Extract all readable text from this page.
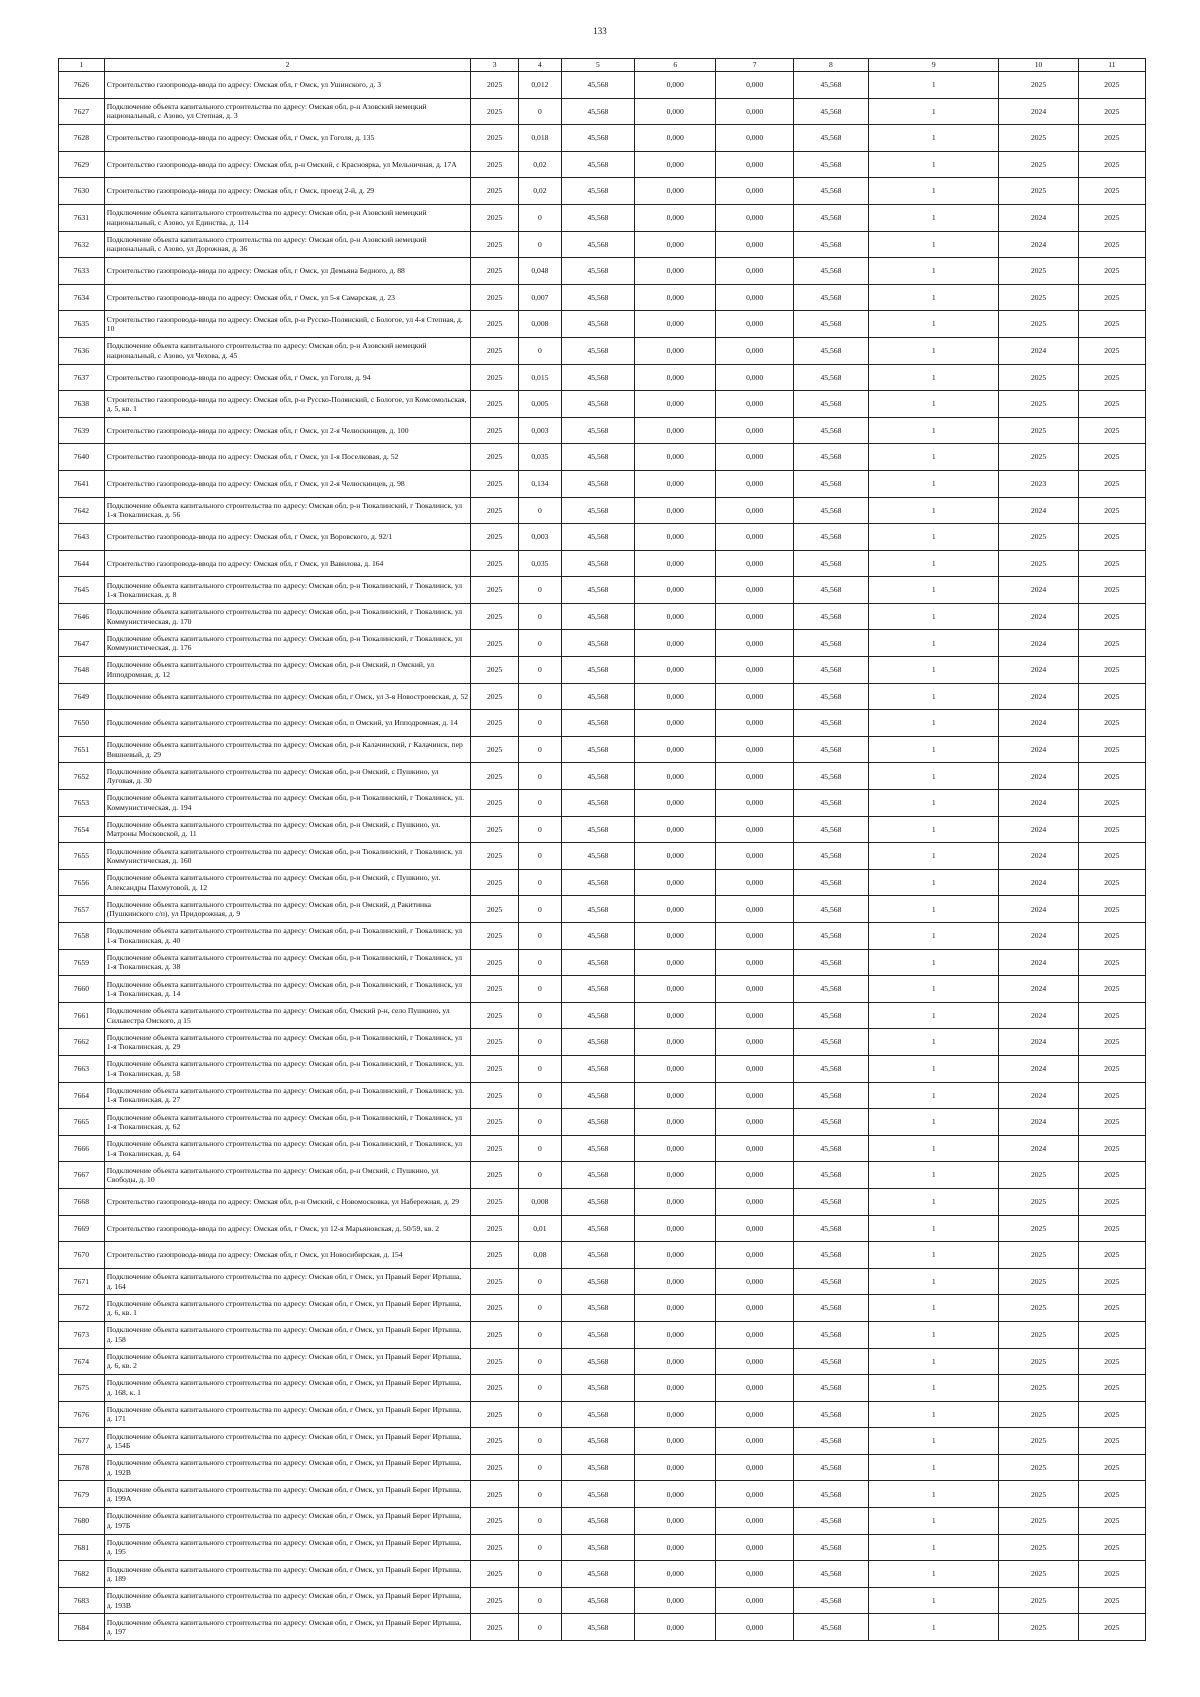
133
1	2	3	4	5	6	7	8	9	10	11
7626	Строительство газопровода-ввода по адресу: Омская обл, г Омск, ул Ушинского, д. 3	2025	0,012	45,568	0,000	0,000	45,568	1	2025	2025
7627	Подключение объекта капитального строительства по адресу: Омская обл, р-н Азовский немецкий национальный, с Азово, ул Степная, д. 3	2025	0	45,568	0,000	0,000	45,568	1	2024	2025
7628	Строительство газопровода-ввода по адресу: Омская обл, г Омск, ул Гоголя, д. 135	2025	0,018	45,568	0,000	0,000	45,568	1	2025	2025
7629	Строительство газопровода-ввода по адресу: Омская обл, р-н Омский, с Красноярка, ул Мельничная, д. 17А	2025	0,02	45,568	0,000	0,000	45,568	1	2025	2025
7630	Строительство газопровода-ввода по адресу: Омская обл, г Омск, проезд 2-й, д. 29	2025	0,02	45,568	0,000	0,000	45,568	1	2025	2025
7631	Подключение объекта капитального строительства по адресу: Омская обл, р-н Азовский немецкий национальный, с Азово, ул Единства, д. 114	2025	0	45,568	0,000	0,000	45,568	1	2024	2025
7632	Подключение объекта капитального строительства по адресу: Омская обл, р-н Азовский немецкий национальный, с Азово, ул Дорожная, д. 36	2025	0	45,568	0,000	0,000	45,568	1	2024	2025
7633	Строительство газопровода-ввода по адресу: Омская обл, г Омск, ул Демьяна Бедного, д. 88	2025	0,048	45,568	0,000	0,000	45,568	1	2025	2025
7634	Строительство газопровода-ввода по адресу: Омская обл, г Омск, ул 5-я Самарская, д. 23	2025	0,007	45,568	0,000	0,000	45,568	1	2025	2025
7635	Строительство газопровода-ввода по адресу: Омская обл, р-н Русско-Полянский, с Бологое, ул 4-я Степная, д. 10	2025	0,008	45,568	0,000	0,000	45,568	1	2025	2025
7636	Подключение объекта капитального строительства по адресу: Омская обл, р-н Азовский немецкий национальный, с Азово, ул Чехова, д. 45	2025	0	45,568	0,000	0,000	45,568	1	2024	2025
7637	Строительство газопровода-ввода по адресу: Омская обл, г Омск, ул Гоголя, д. 94	2025	0,015	45,568	0,000	0,000	45,568	1	2025	2025
7638	Строительство газопровода-ввода по адресу: Омская обл, р-н Русско-Полянский, с Бологое, ул Комсомольская, д. 5, кв. 1	2025	0,005	45,568	0,000	0,000	45,568	1	2025	2025
7639	Строительство газопровода-ввода по адресу: Омская обл, г Омск, ул 2-я Челюскинцев, д. 100	2025	0,003	45,568	0,000	0,000	45,568	1	2025	2025
7640	Строительство газопровода-ввода по адресу: Омская обл, г Омск, ул 1-я Поселковая, д. 52	2025	0,035	45,568	0,000	0,000	45,568	1	2025	2025
7641	Строительство газопровода-ввода по адресу: Омская обл, г Омск, ул 2-я Челюскинцев, д. 98	2025	0,134	45,568	0,000	0,000	45,568	1	2023	2025
7642	Подключение объекта капитального строительства по адресу: Омская обл, р-н Тюкалинский, г Тюкалинск, ул 1-я Тюкалинская, д. 56	2025	0	45,568	0,000	0,000	45,568	1	2024	2025
7643	Строительство газопровода-ввода по адресу: Омская обл, г Омск, ул Воровского, д. 92/1	2025	0,003	45,568	0,000	0,000	45,568	1	2025	2025
7644	Строительство газопровода-ввода по адресу: Омская обл, г Омск, ул Вавилова, д. 164	2025	0,035	45,568	0,000	0,000	45,568	1	2025	2025
7645	Подключение объекта капитального строительства по адресу: Омская обл, р-н Тюкалинский, г Тюкалинск, ул 1-я Тюкалинская, д. 8	2025	0	45,568	0,000	0,000	45,568	1	2024	2025
7646	Подключение объекта капитального строительства по адресу: Омская обл, р-н Тюкалинский, г Тюкалинск, ул Коммунистическая, д. 170	2025	0	45,568	0,000	0,000	45,568	1	2024	2025
7647	Подключение объекта капитального строительства по адресу: Омская обл, р-н Тюкалинский, г Тюкалинск, ул Коммунистическая, д. 176	2025	0	45,568	0,000	0,000	45,568	1	2024	2025
7648	Подключение объекта капитального строительства по адресу: Омская обл, р-н Омский, п Омский, ул Ипподромная, д. 12	2025	0	45,568	0,000	0,000	45,568	1	2024	2025
7649	Подключение объекта капитального строительства по адресу: Омская обл, г Омск, ул 3-я Новостроевская, д. 52	2025	0	45,568	0,000	0,000	45,568	1	2024	2025
7650	Подключение объекта капитального строительства по адресу: Омская обл, п Омский, ул Ипподромная, д. 14	2025	0	45,568	0,000	0,000	45,568	1	2024	2025
7651	Подключение объекта капитального строительства по адресу: Омская обл, р-н Калачинский, г Калачинск, пер Вишневый, д. 29	2025	0	45,568	0,000	0,000	45,568	1	2024	2025
7652	Подключение объекта капитального строительства по адресу: Омская обл, р-н Омский, с Пушкино, ул Луговая, д. 30	2025	0	45,568	0,000	0,000	45,568	1	2024	2025
7653	Подключение объекта капитального строительства по адресу: Омская обл, р-н Тюкалинский, г Тюкалинск, ул. Коммунистическая, д. 194	2025	0	45,568	0,000	0,000	45,568	1	2024	2025
7654	Подключение объекта капитального строительства по адресу: Омская обл, р-н Омский, с Пушкино, ул. Матроны Московской, д. 11	2025	0	45,568	0,000	0,000	45,568	1	2024	2025
7655	Подключение объекта капитального строительства по адресу: Омская обл, р-н Тюкалинский, г Тюкалинск, ул Коммунистическая, д. 160	2025	0	45,568	0,000	0,000	45,568	1	2024	2025
7656	Подключение объекта капитального строительства по адресу: Омская обл, р-н Омский, с Пушкино, ул. Александры Пахмутовой, д. 12	2025	0	45,568	0,000	0,000	45,568	1	2024	2025
7657	Подключение объекта капитального строительства по адресу: Омская обл, р-н Омский, д Ракитинка (Пушкинского с/п), ул Придорожная, д. 9	2025	0	45,568	0,000	0,000	45,568	1	2024	2025
7658	Подключение объекта капитального строительства по адресу: Омская обл, р-н Тюкалинский, г Тюкалинск, ул 1-я Тюкалинская, д. 40	2025	0	45,568	0,000	0,000	45,568	1	2024	2025
7659	Подключение объекта капитального строительства по адресу: Омская обл, р-н Тюкалинский, г Тюкалинск, ул 1-я Тюкалинская, д. 38	2025	0	45,568	0,000	0,000	45,568	1	2024	2025
7660	Подключение объекта капитального строительства по адресу: Омская обл, р-н Тюкалинский, г Тюкалинск, ул 1-я Тюкалинская, д. 14	2025	0	45,568	0,000	0,000	45,568	1	2024	2025
7661	Подключение объекта капитального строительства по адресу: Омская обл, Омский р-н, село Пушкино, ул Сильвестра Омского, д 15	2025	0	45,568	0,000	0,000	45,568	1	2024	2025
7662	Подключение объекта капитального строительства по адресу: Омская обл, р-н Тюкалинский, г Тюкалинск, ул 1-я Тюкалинская, д. 29	2025	0	45,568	0,000	0,000	45,568	1	2024	2025
7663	Подключение объекта капитального строительства по адресу: Омская обл, р-н Тюкалинский, г Тюкалинск, ул. 1-я Тюкалинская, д. 58	2025	0	45,568	0,000	0,000	45,568	1	2024	2025
7664	Подключение объекта капитального строительства по адресу: Омская обл, р-н Тюкалинский, г Тюкалинск, ул. 1-я Тюкалинская, д. 27	2025	0	45,568	0,000	0,000	45,568	1	2024	2025
7665	Подключение объекта капитального строительства по адресу: Омская обл, р-н Тюкалинский, г Тюкалинск, ул 1-я Тюкалинская, д. 62	2025	0	45,568	0,000	0,000	45,568	1	2024	2025
7666	Подключение объекта капитального строительства по адресу: Омская обл, р-н Тюкалинский, г Тюкалинск, ул 1-я Тюкалинская, д. 64	2025	0	45,568	0,000	0,000	45,568	1	2024	2025
7667	Подключение объекта капитального строительства по адресу: Омская обл, р-н Омский, с Пушкино, ул Свободы, д. 10	2025	0	45,568	0,000	0,000	45,568	1	2025	2025
7668	Строительство газопровода-ввода по адресу: Омская обл, р-н Омский, с Новомосковка, ул Набережная, д. 29	2025	0,008	45,568	0,000	0,000	45,568	1	2025	2025
7669	Строительство газопровода-ввода по адресу: Омская обл, г Омск, ул 12-я Марьяновская, д. 50/59, кв. 2	2025	0,01	45,568	0,000	0,000	45,568	1	2025	2025
7670	Строительство газопровода-ввода по адресу: Омская обл, г Омск, ул Новосибирская, д. 154	2025	0,08	45,568	0,000	0,000	45,568	1	2025	2025
7671	Подключение объекта капитального строительства по адресу: Омская обл, г Омск, ул Правый Берег Иртыша, д. 164	2025	0	45,568	0,000	0,000	45,568	1	2025	2025
7672	Подключение объекта капитального строительства по адресу: Омская обл, г Омск, ул Правый Берег Иртыша, д. 6, кв. 1	2025	0	45,568	0,000	0,000	45,568	1	2025	2025
7673	Подключение объекта капитального строительства по адресу: Омская обл, г Омск, ул Правый Берег Иртыша, д. 158	2025	0	45,568	0,000	0,000	45,568	1	2025	2025
7674	Подключение объекта капитального строительства по адресу: Омская обл, г Омск, ул Правый Берег Иртыша, д. 6, кв. 2	2025	0	45,568	0,000	0,000	45,568	1	2025	2025
7675	Подключение объекта капитального строительства по адресу: Омская обл, г Омск, ул Правый Берег Иртыша, д. 168, к. 1	2025	0	45,568	0,000	0,000	45,568	1	2025	2025
7676	Подключение объекта капитального строительства по адресу: Омская обл, г Омск, ул Правый Берег Иртыша, д. 171	2025	0	45,568	0,000	0,000	45,568	1	2025	2025
7677	Подключение объекта капитального строительства по адресу: Омская обл, г Омск, ул Правый Берег Иртыша, д. 154Б	2025	0	45,568	0,000	0,000	45,568	1	2025	2025
7678	Подключение объекта капитального строительства по адресу: Омская обл, г Омск, ул Правый Берег Иртыша, д. 192В	2025	0	45,568	0,000	0,000	45,568	1	2025	2025
7679	Подключение объекта капитального строительства по адресу: Омская обл, г Омск, ул Правый Берег Иртыша, д. 199А	2025	0	45,568	0,000	0,000	45,568	1	2025	2025
7680	Подключение объекта капитального строительства по адресу: Омская обл, г Омск, ул Правый Берег Иртыша, д. 197Б	2025	0	45,568	0,000	0,000	45,568	1	2025	2025
7681	Подключение объекта капитального строительства по адресу: Омская обл, г Омск, ул Правый Берег Иртыша, д. 195	2025	0	45,568	0,000	0,000	45,568	1	2025	2025
7682	Подключение объекта капитального строительства по адресу: Омская обл, г Омск, ул Правый Берег Иртыша, д. 189	2025	0	45,568	0,000	0,000	45,568	1	2025	2025
7683	Подключение объекта капитального строительства по адресу: Омская обл, г Омск, ул Правый Берег Иртыша, д. 193В	2025	0	45,568	0,000	0,000	45,568	1	2025	2025
7684	Подключение объекта капитального строительства по адресу: Омская обл, г Омск, ул Правый Берег Иртыша, д. 197	2025	0	45,568	0,000	0,000	45,568	1	2025	2025
